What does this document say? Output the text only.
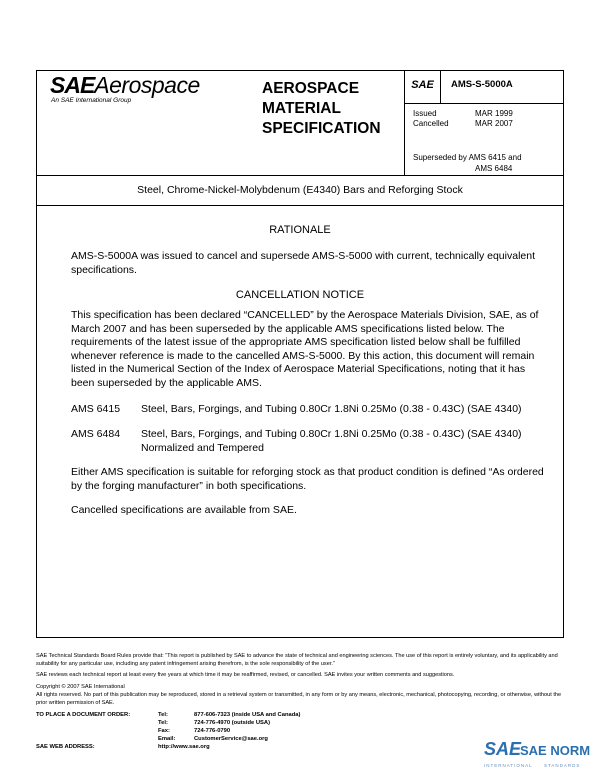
SAEAerospace
An SAE International Group
AEROSPACE
MATERIAL
SPECIFICATION
SAE	AMS-S-5000A
Issued	MAR 1999
Cancelled	MAR 2007
Superseded by AMS 6415 and
AMS 6484
Steel, Chrome-Nickel-Molybdenum (E4340) Bars and Reforging Stock
RATIONALE
AMS-S-5000A was issued to cancel and supersede AMS-S-5000 with current, technically equivalent specifications.
CANCELLATION NOTICE
This specification has been declared “CANCELLED” by the Aerospace Materials Division, SAE, as of March 2007 and has been superseded by the applicable AMS specifications listed below. The requirements of the latest issue of the appropriate AMS specification listed below shall be fulfilled whenever reference is made to the cancelled AMS-S-5000. By this action, this document will remain listed in the Numerical Section of the Index of Aerospace Material Specifications, noting that it has been superseded by the applicable AMS.
AMS 6415 Steel, Bars, Forgings, and Tubing 0.80Cr 1.8Ni 0.25Mo (0.38 - 0.43C) (SAE 4340)
AMS 6484 Steel, Bars, Forgings, and Tubing 0.80Cr 1.8Ni 0.25Mo (0.38 - 0.43C) (SAE 4340) Normalized and Tempered
Either AMS specification is suitable for reforging stock as that product condition is defined “As ordered by the forging manufacturer” in both specifications.
Cancelled specifications are available from SAE.
SAE Technical Standards Board Rules provide that: “This report is published by SAE to advance the state of technical and engineering sciences. The use of this report is entirely voluntary, and its applicability and suitability for any particular use, including any patent infringement arising therefrom, is the sole responsibility of the user.”
SAE reviews each technical report at least every five years at which time it may be reaffirmed, revised, or cancelled. SAE invites your written comments and suggestions.
Copyright © 2007 SAE International
All rights reserved. No part of this publication may be reproduced, stored in a retrieval system or transmitted, in any form or by any means, electronic, mechanical, photocopying, recording, or otherwise, without the prior written permission of SAE.
TO PLACE A DOCUMENT ORDER:	Tel:	877-606-7323 (inside USA and Canada)
Tel:	724-776-4970 (outside USA)
Fax:	724-776-0790
Email:	CustomerService@sae.org
SAE WEB ADDRESS:	http://www.sae.org	SAE
SAE NORM
INTERNATIONAL	STANDARDS
